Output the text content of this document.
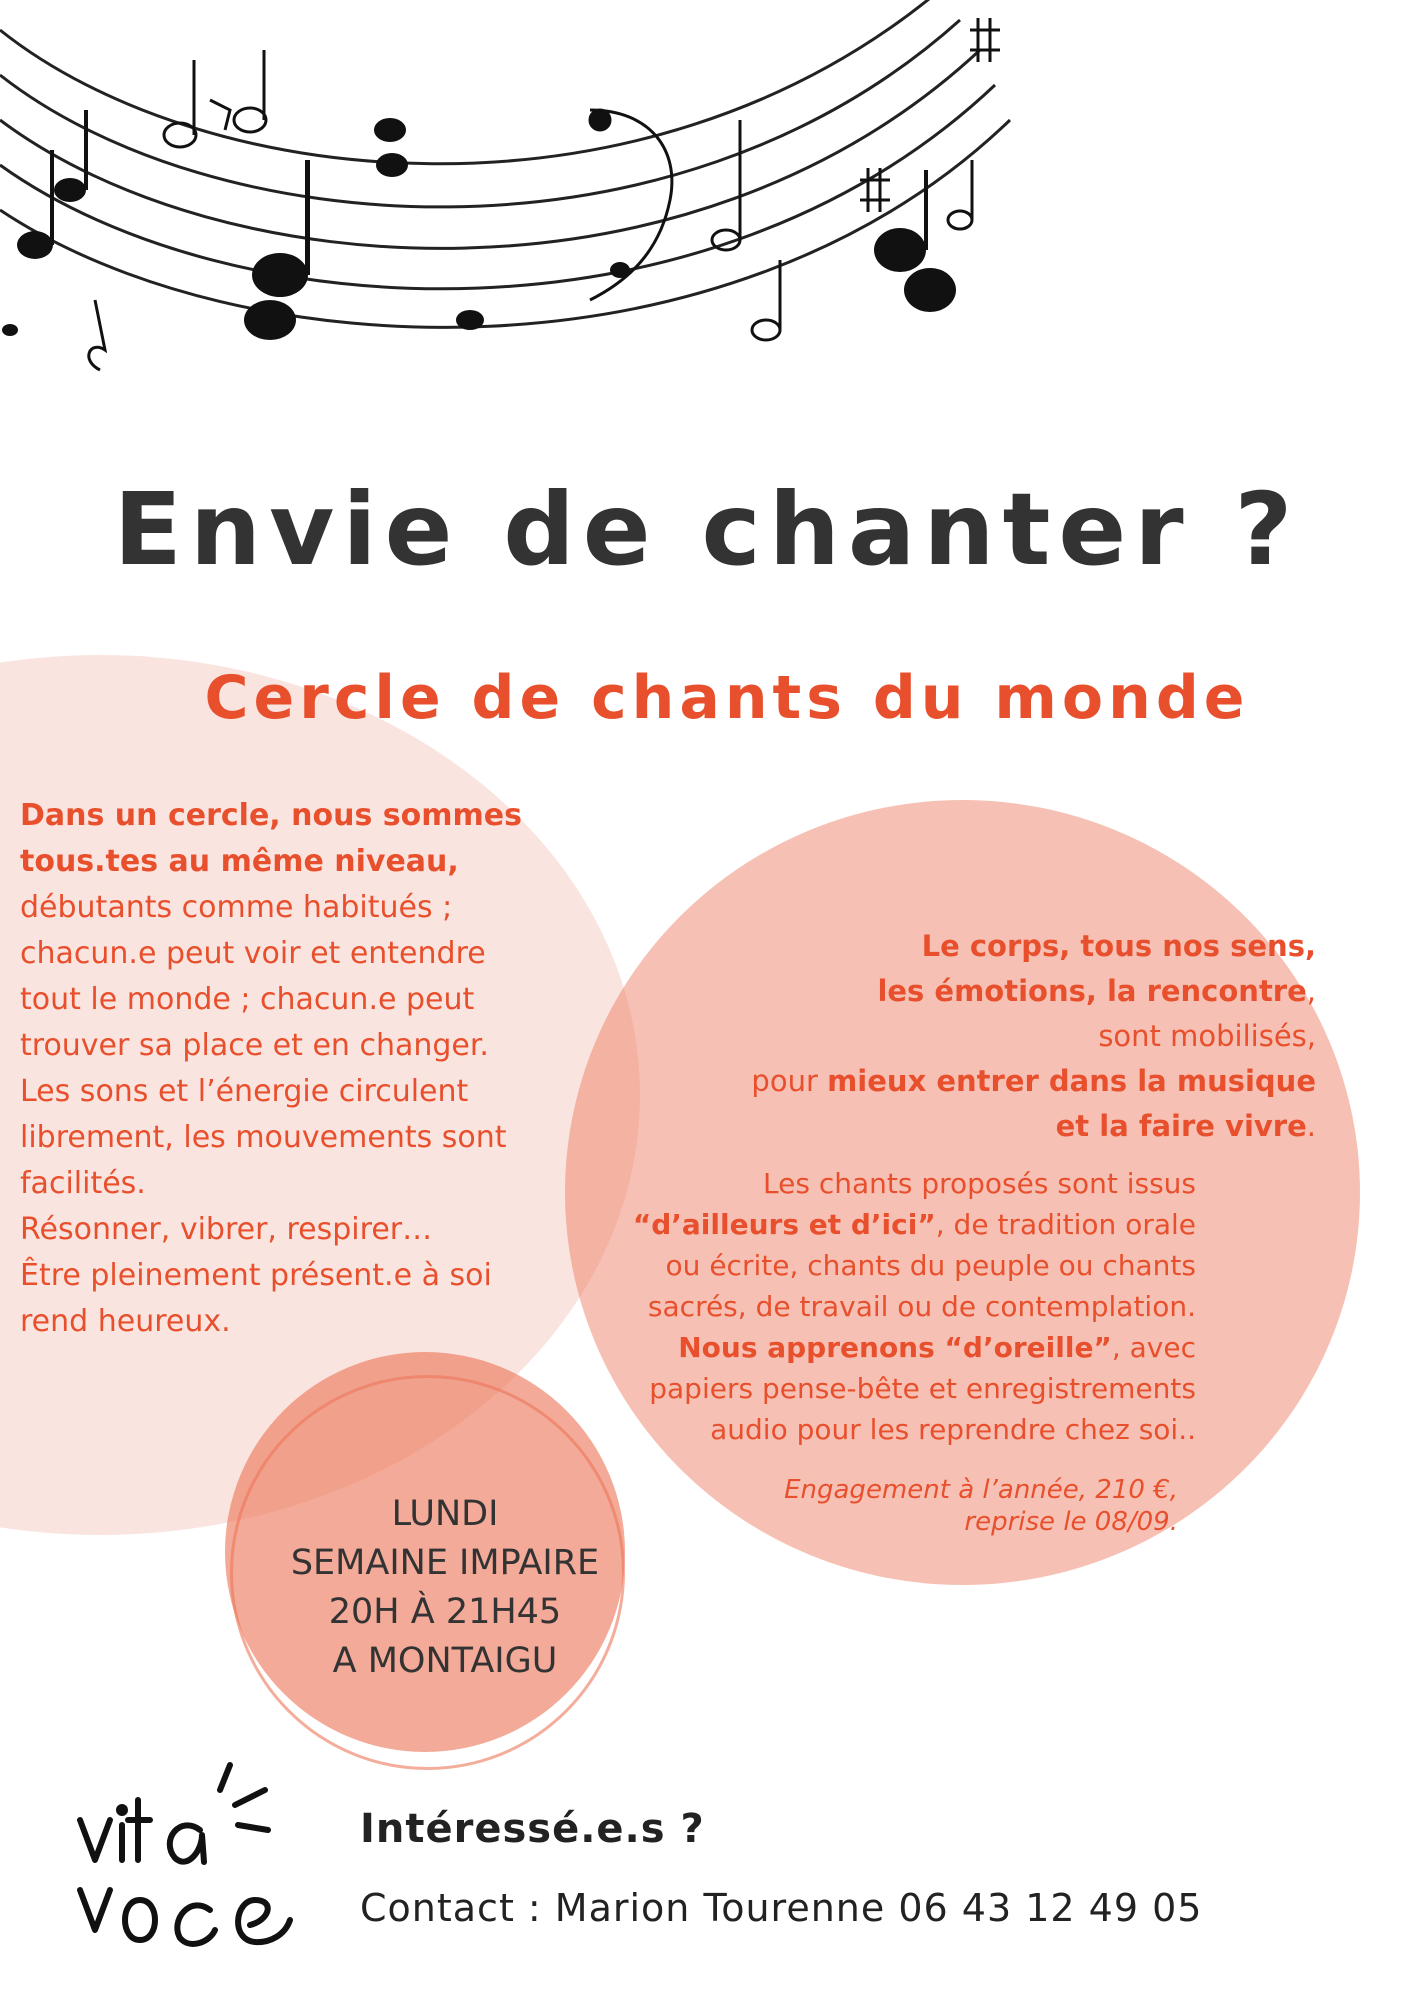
Envie de chanter ?
Cercle de chants du monde

Dans un cercle, nous sommes

tous.tes au même niveau,

débutants comme habitués ;

chacun.e peut voir et entendre

tout le monde ; chacun.e peut

trouver sa place et en changer.

Les sons et l’énergie circulent

librement, les mouvements sont

facilités.

Résonner, vibrer, respirer…

Être pleinement présent.e à soi

rend heureux.

Le corps, tous nos sens,

les émotions, la rencontre,

sont mobilisés,

pour mieux entrer dans la musique

et la faire vivre.

Les chants proposés sont issus

“d’ailleurs et d’ici”, de tradition orale

ou écrite, chants du peuple ou chants

sacrés, de travail ou de contemplation.

Nous apprenons “d’oreille”, avec

papiers pense-bête et enregistrements

audio pour les reprendre chez soi..

Engagement à l’année, 210 €,

reprise le 08/09.

LUNDI

SEMAINE IMPAIRE

20H À 21H45

A MONTAIGU

Intéressé.e.s ?
Contact : Marion Tourenne 06 43 12 49 05
